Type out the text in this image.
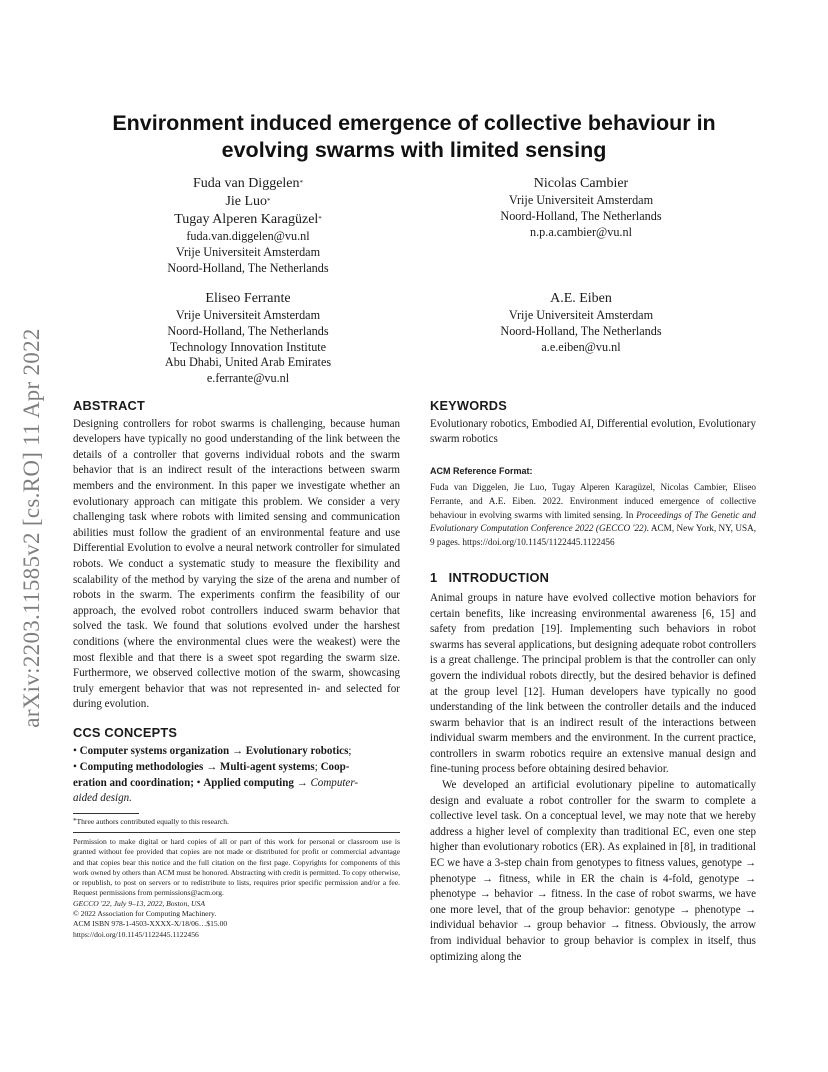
arXiv:2203.11585v2 [cs.RO] 11 Apr 2022
Environment induced emergence of collective behaviour in
evolving swarms with limited sensing
Fuda van Diggelen*
Jie Luo*
Tugay Alperen Karagüzel*
fuda.van.diggelen@vu.nl
Vrije Universiteit Amsterdam
Noord-Holland, The Netherlands
Nicolas Cambier
Vrije Universiteit Amsterdam
Noord-Holland, The Netherlands
n.p.a.cambier@vu.nl
Eliseo Ferrante
Vrije Universiteit Amsterdam
Noord-Holland, The Netherlands
Technology Innovation Institute
Abu Dhabi, United Arab Emirates
e.ferrante@vu.nl
A.E. Eiben
Vrije Universiteit Amsterdam
Noord-Holland, The Netherlands
a.e.eiben@vu.nl

ABSTRACT

Designing controllers for robot swarms is challenging, because human developers have typically no good understanding of the link between the details of a controller that governs individual robots and the swarm behavior that is an indirect result of the interactions between swarm members and the environment. In this paper we investigate whether an evolutionary approach can mitigate this problem. We consider a very challenging task where robots with limited sensing and communication abilities must follow the gradient of an environmental feature and use Differential Evolution to evolve a neural network controller for simulated robots. We conduct a systematic study to measure the flexibility and scalability of the method by varying the size of the arena and number of robots in the swarm. The experiments confirm the feasibility of our approach, the evolved robot controllers induced swarm behavior that solved the task. We found that solutions evolved under the harshest conditions (where the environmental clues were the weakest) were the most flexible and that there is a sweet spot regarding the swarm size. Furthermore, we observed collective motion of the swarm, showcasing truly emergent behavior that was not represented in- and selected for during evolution.

CCS CONCEPTS

• Computer systems organization → Evolutionary robotics;
• Computing methodologies → Multi-agent systems; Coop-
eration and coordination; • Applied computing → Computer-
aided design.

*Three authors contributed equally to this research.

Permission to make digital or hard copies of all or part of this work for personal or classroom use is granted without fee provided that copies are not made or distributed for profit or commercial advantage and that copies bear this notice and the full citation on the first page. Copyrights for components of this work owned by others than ACM must be honored. Abstracting with credit is permitted. To copy otherwise, or republish, to post on servers or to redistribute to lists, requires prior specific permission and/or a fee. Request permissions from permissions@acm.org.

GECCO '22, July 9–13, 2022, Boston, USA

© 2022 Association for Computing Machinery.

ACM ISBN 978-1-4503-XXXX-X/18/06…$15.00

https://doi.org/10.1145/1122445.1122456

KEYWORDS

Evolutionary robotics, Embodied AI, Differential evolution, Evolutionary swarm robotics

ACM Reference Format:

Fuda van Diggelen, Jie Luo, Tugay Alperen Karagüzel, Nicolas Cambier, Eliseo Ferrante, and A.E. Eiben. 2022. Environment induced emergence of collective behaviour in evolving swarms with limited sensing. In Proceedings of The Genetic and Evolutionary Computation Conference 2022 (GECCO '22). ACM, New York, NY, USA, 9 pages. https://doi.org/10.1145/1122445.1122456

1 INTRODUCTION

Animal groups in nature have evolved collective motion behaviors for certain benefits, like increasing environmental awareness [6, 15] and safety from predation [19]. Implementing such behaviors in robot swarms has several applications, but designing adequate robot controllers is a great challenge. The principal problem is that the controller can only govern the individual robots directly, but the desired behavior is defined at the group level [12]. Human developers have typically no good understanding of the link between the controller details and the induced swarm behavior that is an indirect result of the interactions between individual swarm members and the environment. In the current practice, controllers in swarm robotics require an extensive manual design and fine-tuning process before obtaining desired behavior.

We developed an artificial evolutionary pipeline to automatically design and evaluate a robot controller for the swarm to complete a collective level task. On a conceptual level, we may note that we hereby address a higher level of complexity than traditional EC, even one step higher than evolutionary robotics (ER). As explained in [8], in traditional EC we have a 3-step chain from genotypes to fitness values, genotype → phenotype → fitness, while in ER the chain is 4-fold, genotype → phenotype → behavior → fitness. In the case of robot swarms, we have one more level, that of the group behavior: genotype → phenotype → individual behavior → group behavior → fitness. Obviously, the arrow from individual behavior to group behavior is complex in itself, thus optimizing along the
